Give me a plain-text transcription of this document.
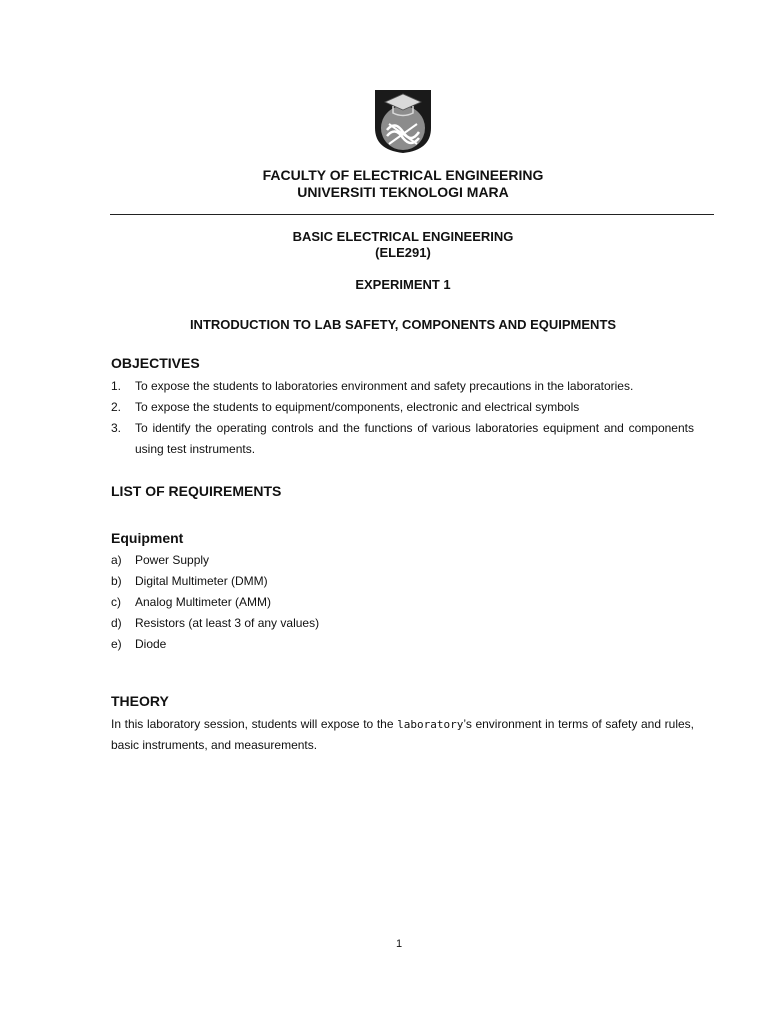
FACULTY OF ELECTRICAL ENGINEERING
UNIVERSITI TEKNOLOGI MARA
BASIC ELECTRICAL ENGINEERING
(ELE291)
EXPERIMENT 1
INTRODUCTION TO LAB SAFETY, COMPONENTS AND EQUIPMENTS
OBJECTIVES
1. To expose the students to laboratories environment and safety precautions in the laboratories.
2. To expose the students to equipment/components, electronic and electrical symbols
3. To identify the operating controls and the functions of various laboratories equipment and components using test instruments.
LIST OF REQUIREMENTS
Equipment
a) Power Supply
b) Digital Multimeter (DMM)
c) Analog Multimeter (AMM)
d) Resistors (at least 3 of any values)
e) Diode
THEORY
In this laboratory session, students will expose to the laboratory’s environment in terms of safety and rules, basic instruments, and measurements.
1
